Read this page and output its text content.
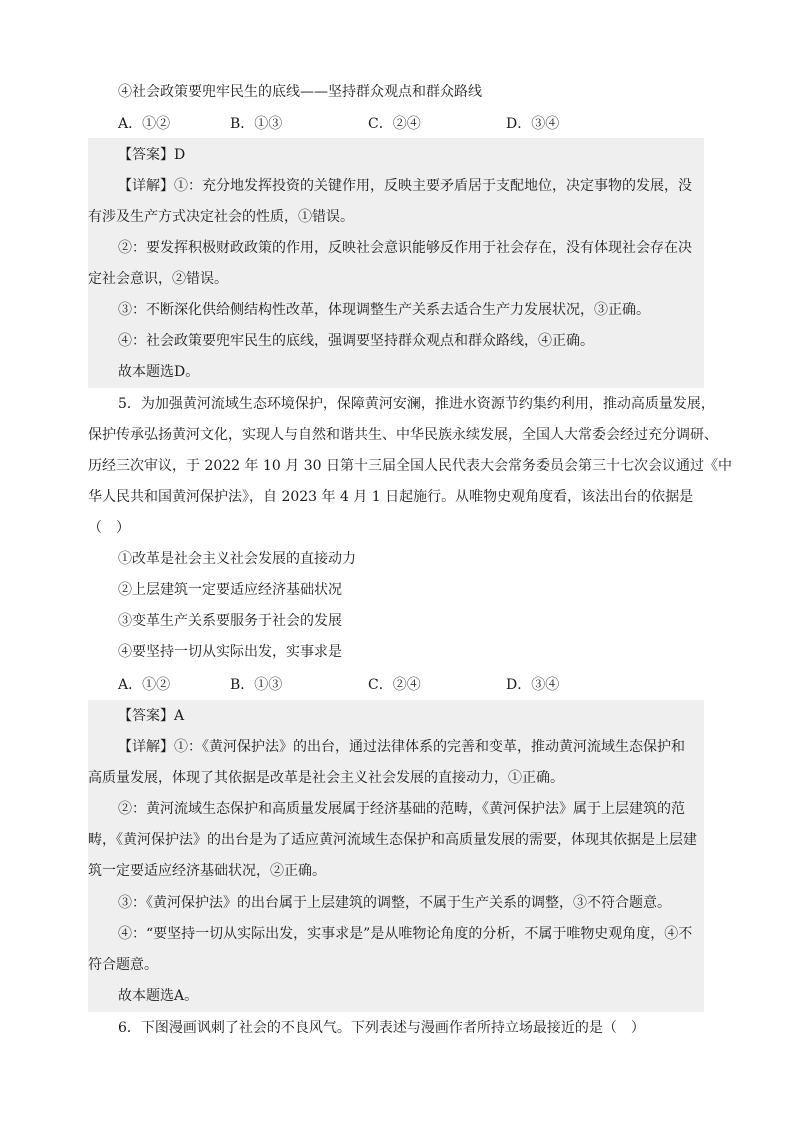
④社会政策要兜牢民生的底线——坚持群众观点和群众路线
A．①②	B．①③	C．②④	D．③④
【答案】D
【详解】①：充分地发挥投资的关键作用，反映主要矛盾居于支配地位，决定事物的发展，没
有涉及生产方式决定社会的性质，①错误。
②：要发挥积极财政政策的作用，反映社会意识能够反作用于社会存在，没有体现社会存在决
定社会意识，②错误。
③：不断深化供给侧结构性改革，体现调整生产关系去适合生产力发展状况，③正确。
④：社会政策要兜牢民生的底线，强调要坚持群众观点和群众路线，④正确。
故本题选D。
5．为加强黄河流域生态环境保护，保障黄河安澜，推进水资源节约集约利用，推动高质量发展，
保护传承弘扬黄河文化，实现人与自然和谐共生、中华民族永续发展，全国人大常委会经过充分调研、
历经三次审议，于 2022 年 10 月 30 日第十三届全国人民代表大会常务委员会第三十七次会议通过《中
华人民共和国黄河保护法》，自 2023 年 4 月 1 日起施行。从唯物史观角度看，该法出台的依据是
（　）
①改革是社会主义社会发展的直接动力
②上层建筑一定要适应经济基础状况
③变革生产关系要服务于社会的发展
④要坚持一切从实际出发，实事求是
A．①②	B．①③	C．②④	D．③④
【答案】A
【详解】①：《黄河保护法》的出台，通过法律体系的完善和变革，推动黄河流域生态保护和
高质量发展，体现了其依据是改革是社会主义社会发展的直接动力，①正确。
②：黄河流域生态保护和高质量发展属于经济基础的范畴，《黄河保护法》属于上层建筑的范
畴，《黄河保护法》的出台是为了适应黄河流域生态保护和高质量发展的需要，体现其依据是上层建
筑一定要适应经济基础状况，②正确。
③：《黄河保护法》的出台属于上层建筑的调整，不属于生产关系的调整，③不符合题意。
④：“要坚持一切从实际出发，实事求是”是从唯物论角度的分析，不属于唯物史观角度，④不
符合题意。
故本题选A。
6．下图漫画讽刺了社会的不良风气。下列表述与漫画作者所持立场最接近的是（　）
